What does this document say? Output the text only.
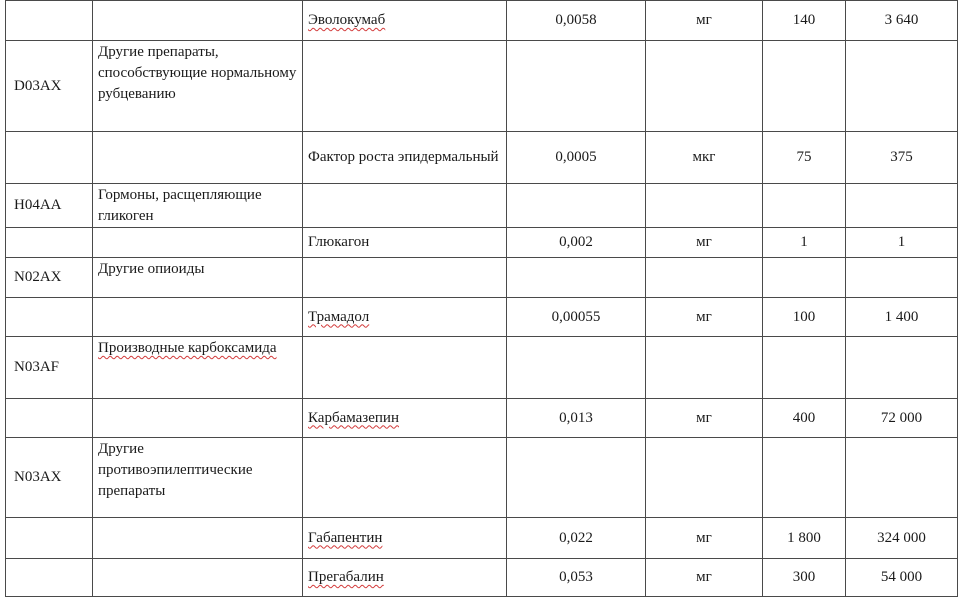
		Эволокумаб	0,0058	мг	140	3 640
D03AX	Другие препараты, способствующие нормальному рубцеванию					
		Фактор роста эпидермальный	0,0005	мкг	75	375
H04AA	Гормоны, расщепляющие гликоген					
		Глюкагон	0,002	мг	1	1
N02AX	Другие опиоиды					
		Трамадол	0,00055	мг	100	1 400
N03AF	Производные карбоксамида					
		Карбамазепин	0,013	мг	400	72 000
N03AX	Другие противоэпилептические препараты					
		Габапентин	0,022	мг	1 800	324 000
		Прегабалин	0,053	мг	300	54 000
